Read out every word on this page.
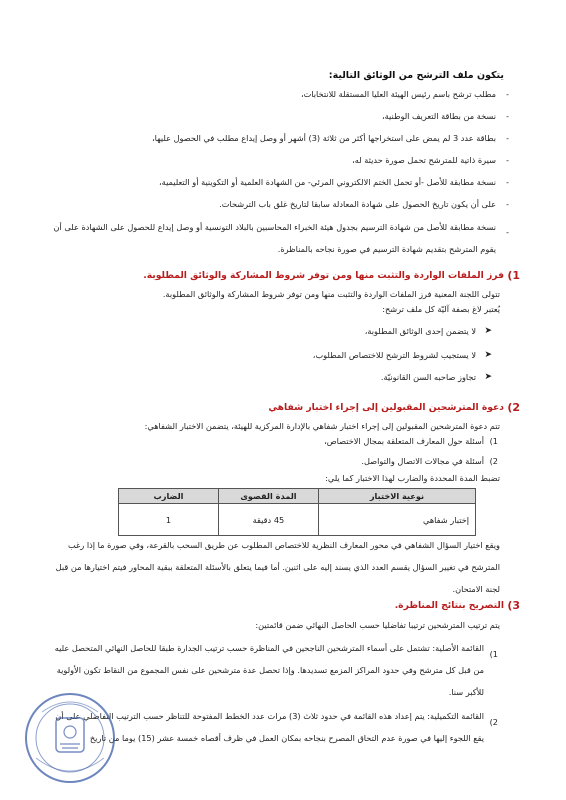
يتكون ملف الترشح من الوثائق التالية:
-
مطلب ترشح باسم رئيس الهيئة العليا المستقلة للانتخابات،
-
نسخة من بطاقة التعريف الوطنية،
-
بطاقة عدد 3 لم يمض على استخراجها أكثر من ثلاثة (3) أشهر أو وصل إيداع مطلب في الحصول عليها،
-
سيرة ذاتية للمترشح تحمل صورة حديثة له،
-
نسخة مطابقة للأصل -أو تحمل الختم الالكتروني المرئي- من الشهادة العلمية أو التكوينية أو التعليمية،
-
على أن يكون تاريخ الحصول على شهادة المعادلة سابقا لتاريخ غلق باب الترشحات.
-
نسخة مطابقة للأصل من شهادة الترسيم بجدول هيئة الخبراء المحاسبين بالبلاد التونسية أو وصل إيداع للحصول على الشهادة على أن يقوم المترشح بتقديم شهادة الترسيم في صورة نجاحه بالمناظرة.
1)
فرز الملفات الواردة والتثبت منها ومن توفر شروط المشاركة والوثائق المطلوبة.
تتولى اللجنة المعنية فرز الملفات الواردة والتثبت منها ومن توفر شروط المشاركة والوثائق المطلوبة.
يُعتبر لاغ بصفة آليّة كل ملف ترشح:
➤
لا يتضمن إحدى الوثائق المطلوبة،
➤
لا يستجيب لشروط الترشح للاختصاص المطلوب،
➤
تجاوز صاحبه السن القانونيّة.
2)
دعوة المترشحين المقبولين إلى إجراء اختبار شفاهي
تتم دعوة المترشحين المقبولين إلى إجراء اختبار شفاهي بالإدارة المركزية للهيئة، يتضمن الاختبار الشفاهي:
1)
أسئلة حول المعارف المتعلقة بمجال الاختصاص،
2)
أسئلة في مجالات الاتصال والتواصل.
تضبط المدة المحددة والضارب لهذا الاختبار كما يلي:
نوعية الاختبار	المدة القصوى	الضارب
إختبار شفاهي	45 دقيقة	1
ويقع اختيار السؤال الشفاهي في محور المعارف النظرية للاختصاص المطلوب عن طريق السحب بالقرعة، وفي صورة ما إذا رغب المترشح في تغيير السؤال يقسم العدد الذي يسند إليه على اثنين. أما فيما يتعلق بالأسئلة المتعلقة ببقية المحاور فيتم اختيارها من قبل لجنة الامتحان.
3)
التصريح بنتائج المناظرة.
يتم ترتيب المترشحين ترتيبا تفاضليا حسب الحاصل النهائي ضمن قائمتين:
1)
القائمة الأصلية: تشتمل على أسماء المترشحين الناجحين في المناظرة حسب ترتيب الجدارة طبقا للحاصل النهائي المتحصل عليه من قبل كل مترشح وفي حدود المراكز المزمع تسديدها. وإذا تحصل عدة مترشحين على نفس المجموع من النقاط تكون الأولوية للأكبر سنا.
2)
القائمة التكميلية: يتم إعداد هذه القائمة في حدود ثلاث (3) مرات عدد الخطط المفتوحة للتناظر حسب الترتيب التفاضلي على أن يقع اللجوء إليها في صورة عدم التحاق المصرح بنجاحه بمكان العمل في ظرف أقصاه خمسة عشر (15) يوما من تاريخ
